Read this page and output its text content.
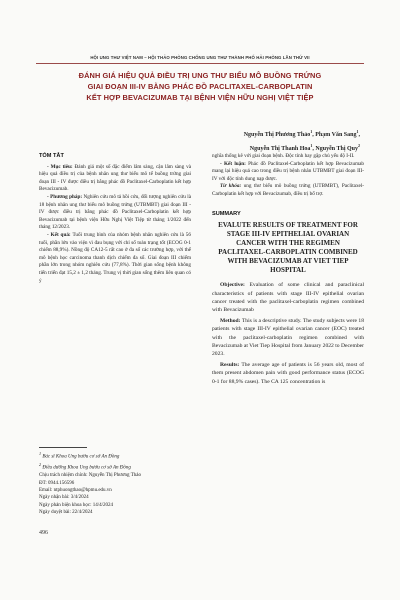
HỘI UNG THƯ VIỆT NAM – HỘI THẢO PHÒNG CHỐNG UNG THƯ THÀNH PHỐ HẢI PHÒNG LẦN THỨ VII
ĐÁNH GIÁ HIỆU QUẢ ĐIỀU TRỊ UNG THƯ BIỂU MÔ BUỒNG TRỨNG
GIAI ĐOẠN III-IV BẰNG PHÁC ĐỒ PACLITAXEL-CARBOPLATIN
KẾT HỢP BEVACIZUMAB TẠI BỆNH VIỆN HỮU NGHỊ VIỆT TIỆP
Nguyễn Thị Phương Thảo$^1$, Phạm Văn Sang$^1$,
Nguyễn Thị Thanh Hoa$^1$, Nguyễn Thị Quy$^2$
TÓM TẮT

- Mục tiêu: Đánh giá một số đặc điểm lâm sàng, cận lâm sàng và hiệu quả điều trị của bệnh nhân ung thư biểu mô tế buồng trứng giai đoạn III - IV được điều trị bằng phác đồ Paclitaxel-Carboplatin kết hợp Bevacizumab.

- Phương pháp: Nghiên cứu mô tả hồi cứu, đối tượng nghiên cứu là 18 bệnh nhân ung thư biểu mô buồng trứng (UTBMBT) giai đoạn III - IV được điều trị bằng phác đồ Paclitaxel-Carboplatin kết hợp Bevacizumab tại bệnh viện Hữu Nghị Việt Tiệp từ tháng 1/2022 đến tháng 12/2023.

- Kết quả: Tuổi trung bình của nhóm bệnh nhân nghiên cứu là 56 tuổi, phần lớn vào viện vì đau bụng với chỉ số toàn trạng tốt (ECOG 0-1 chiếm 88,9%). Nồng độ CA12-5 rất cao ở đa số các trường hợp, với thể mô bệnh học carcinoma thanh dịch chiếm đa số. Giai đoạn III chiếm phần lớn trong nhóm nghiên cứu (77,8%). Thời gian sống bệnh không tiến triển đạt 15,2 ± 1,2 tháng. Trung vị thời gian sống thêm liên quan có ý

$^1$ Bác sĩ Khoa Ung bướu cơ sở An Đồng
$^2$ Điều dưỡng Khoa Ung bướu cơ sở An Đồng
Chịu trách nhiệm chính: Nguyễn Thị Phương Thảo
ĐT: 0944.156596
Email: ntphuongthao@hpmu.edu.vn
Ngày nhận bài: 3/4/2024
Ngày phản biện khoa học: 14/4/2024
Ngày duyệt bài: 22/4/2024
496

nghĩa thống kê với giai đoạn bệnh. Độc tính hay gặp chủ yếu độ I-II.

- Kết luận: Phác đồ Paclitaxel-Carboplatin kết hợp Bevacizumab mang lại hiệu quả cao trong điều trị bệnh nhân UTBMBT giai đoạn III-IV với độc tính dung nạp được.

Từ khóa: ung thư biểu mô buồng trứng (UTBMBT), Paclitaxel-Carboplatin kết hợp với Bevacizumab, điều trị bổ trợ.

SUMMARY
EVALUTE RESULTS OF TREATMENT FOR STAGE III-IV EPITHELIAL OVARIAN CANCER WITH THE REGIMEN PACLITAXEL-CARBOPLATIN COMBINED WITH BEVACIZUMAB AT VIET TIEP HOSPITAL

Objective: Evaluation of some clinical and paraclinical characteristics of patients with stage III-IV epithelial ovarian cancer treated with the paclitaxel-carboplatin regimen combined with Bevacizumab

Method: This is a descriptive study. The study subjects were 18 patients with stage III-IV epithelial ovarian cancer (EOC) treated with the paclitaxel-carboplatin regimen combined with Bevacizumab at Viet Tiep Hospital from January 2022 to December 2023.

Results: The average age of patients is 56 years old, most of them present abdomen pain with good performance status (ECOG 0-1 for 88,9% cases). The CA 125 concentration is
